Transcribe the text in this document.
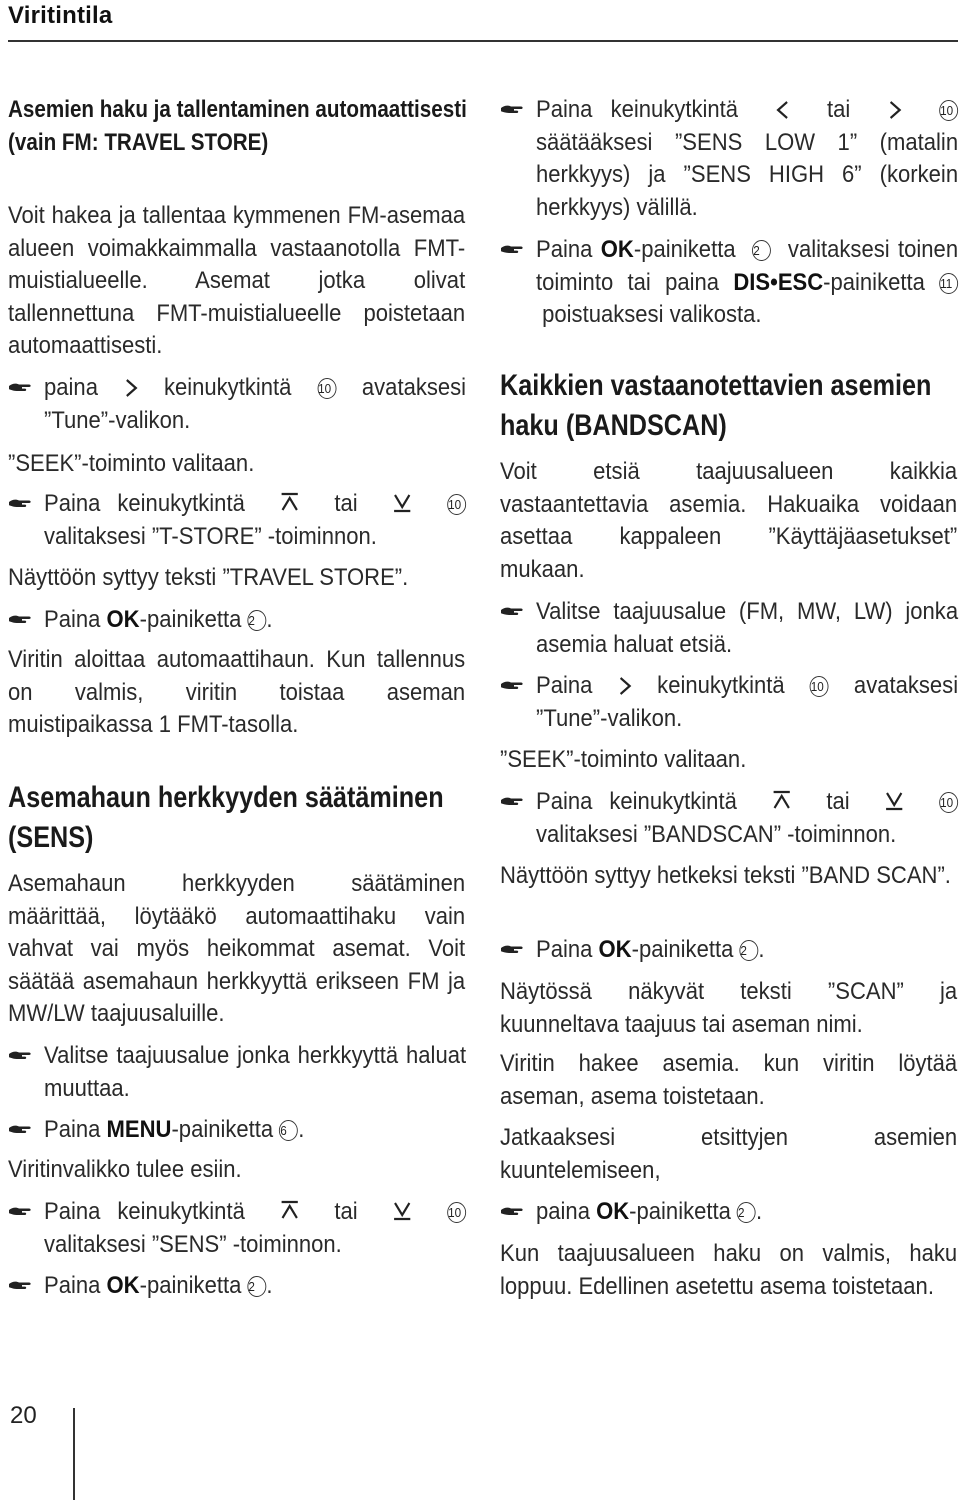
Viritintila
Asemien haku ja tallentaminen automaattisesti (vain FM: TRAVEL STORE)
Voit hakea ja tallentaa kymmenen FM-asemaa alueen voimakkaimmalla vastaanotolla FMT-muistialueelle. Asemat jotka olivat tallennettuna FMT-muistialueelle poistetaan automaattisesti.
paina	keinukytkintä 10 avataksesi ”Tune”-valikon.
”SEEK”-toiminto valitaan.
Paina keinukytkintä	tai	10 valitaksesi ”T-STORE” -toiminnon.
Näyttöön syttyy teksti ”TRAVEL STORE”.
Paina OK-painiketta 2 .
Viritin aloittaa automaattihaun. Kun tallennus on valmis, viritin toistaa aseman muistipaikassa 1 FMT-tasolla.
Asemahaun herkkyyden säätäminen (SENS)
Asemahaun herkkyyden säätäminen määrittää, löytääkö automaattihaku vain vahvat vai myös heikommat asemat. Voit säätää asemahaun herkkyyttä erikseen FM ja MW/LW taajuusaluille.
Valitse taajuusalue jonka herkkyyttä haluat muuttaa.
Paina MENU-painiketta 6 .
Viritinvalikko tulee esiin.
Paina keinukytkintä	tai	10 valitaksesi ”SENS” -toiminnon.
Paina OK-painiketta 2 .
Paina keinukytkintä	tai	10 säätääksesi ”SENS LOW 1” (matalin herkkyys) ja ”SENS HIGH 6” (korkein herkkyys) välillä.
Paina OK-painiketta 2 valitaksesi toinen toiminto tai paina DIS•ESC-painiketta 11 poistuaksesi valikosta.
Kaikkien vastaanotettavien asemien haku (BANDSCAN)
Voit etsiä taajuusalueen kaikkia vastaantettavia asemia. Hakuaika voidaan asettaa kappaleen ”Käyttäjäasetukset” mukaan.
Valitse taajuusalue (FM, MW, LW) jonka asemia haluat etsiä.
Paina	keinukytkintä 10 avataksesi ”Tune”-valikon.
”SEEK”-toiminto valitaan.
Paina keinukytkintä	tai	10 valitaksesi ”BANDSCAN” -toiminnon.
Näyttöön syttyy hetkeksi teksti ”BAND SCAN”.
Paina OK-painiketta 2 .
Näytössä näkyvät teksti ”SCAN” ja kuunneltava taajuus tai aseman nimi.
Viritin hakee asemia. kun viritin löytää aseman, asema toistetaan.
Jatkaaksesi etsittyjen asemien kuuntelemiseen,
paina OK-painiketta 2 .
Kun taajuusalueen haku on valmis, haku loppuu. Edellinen asetettu asema toistetaan.
20
